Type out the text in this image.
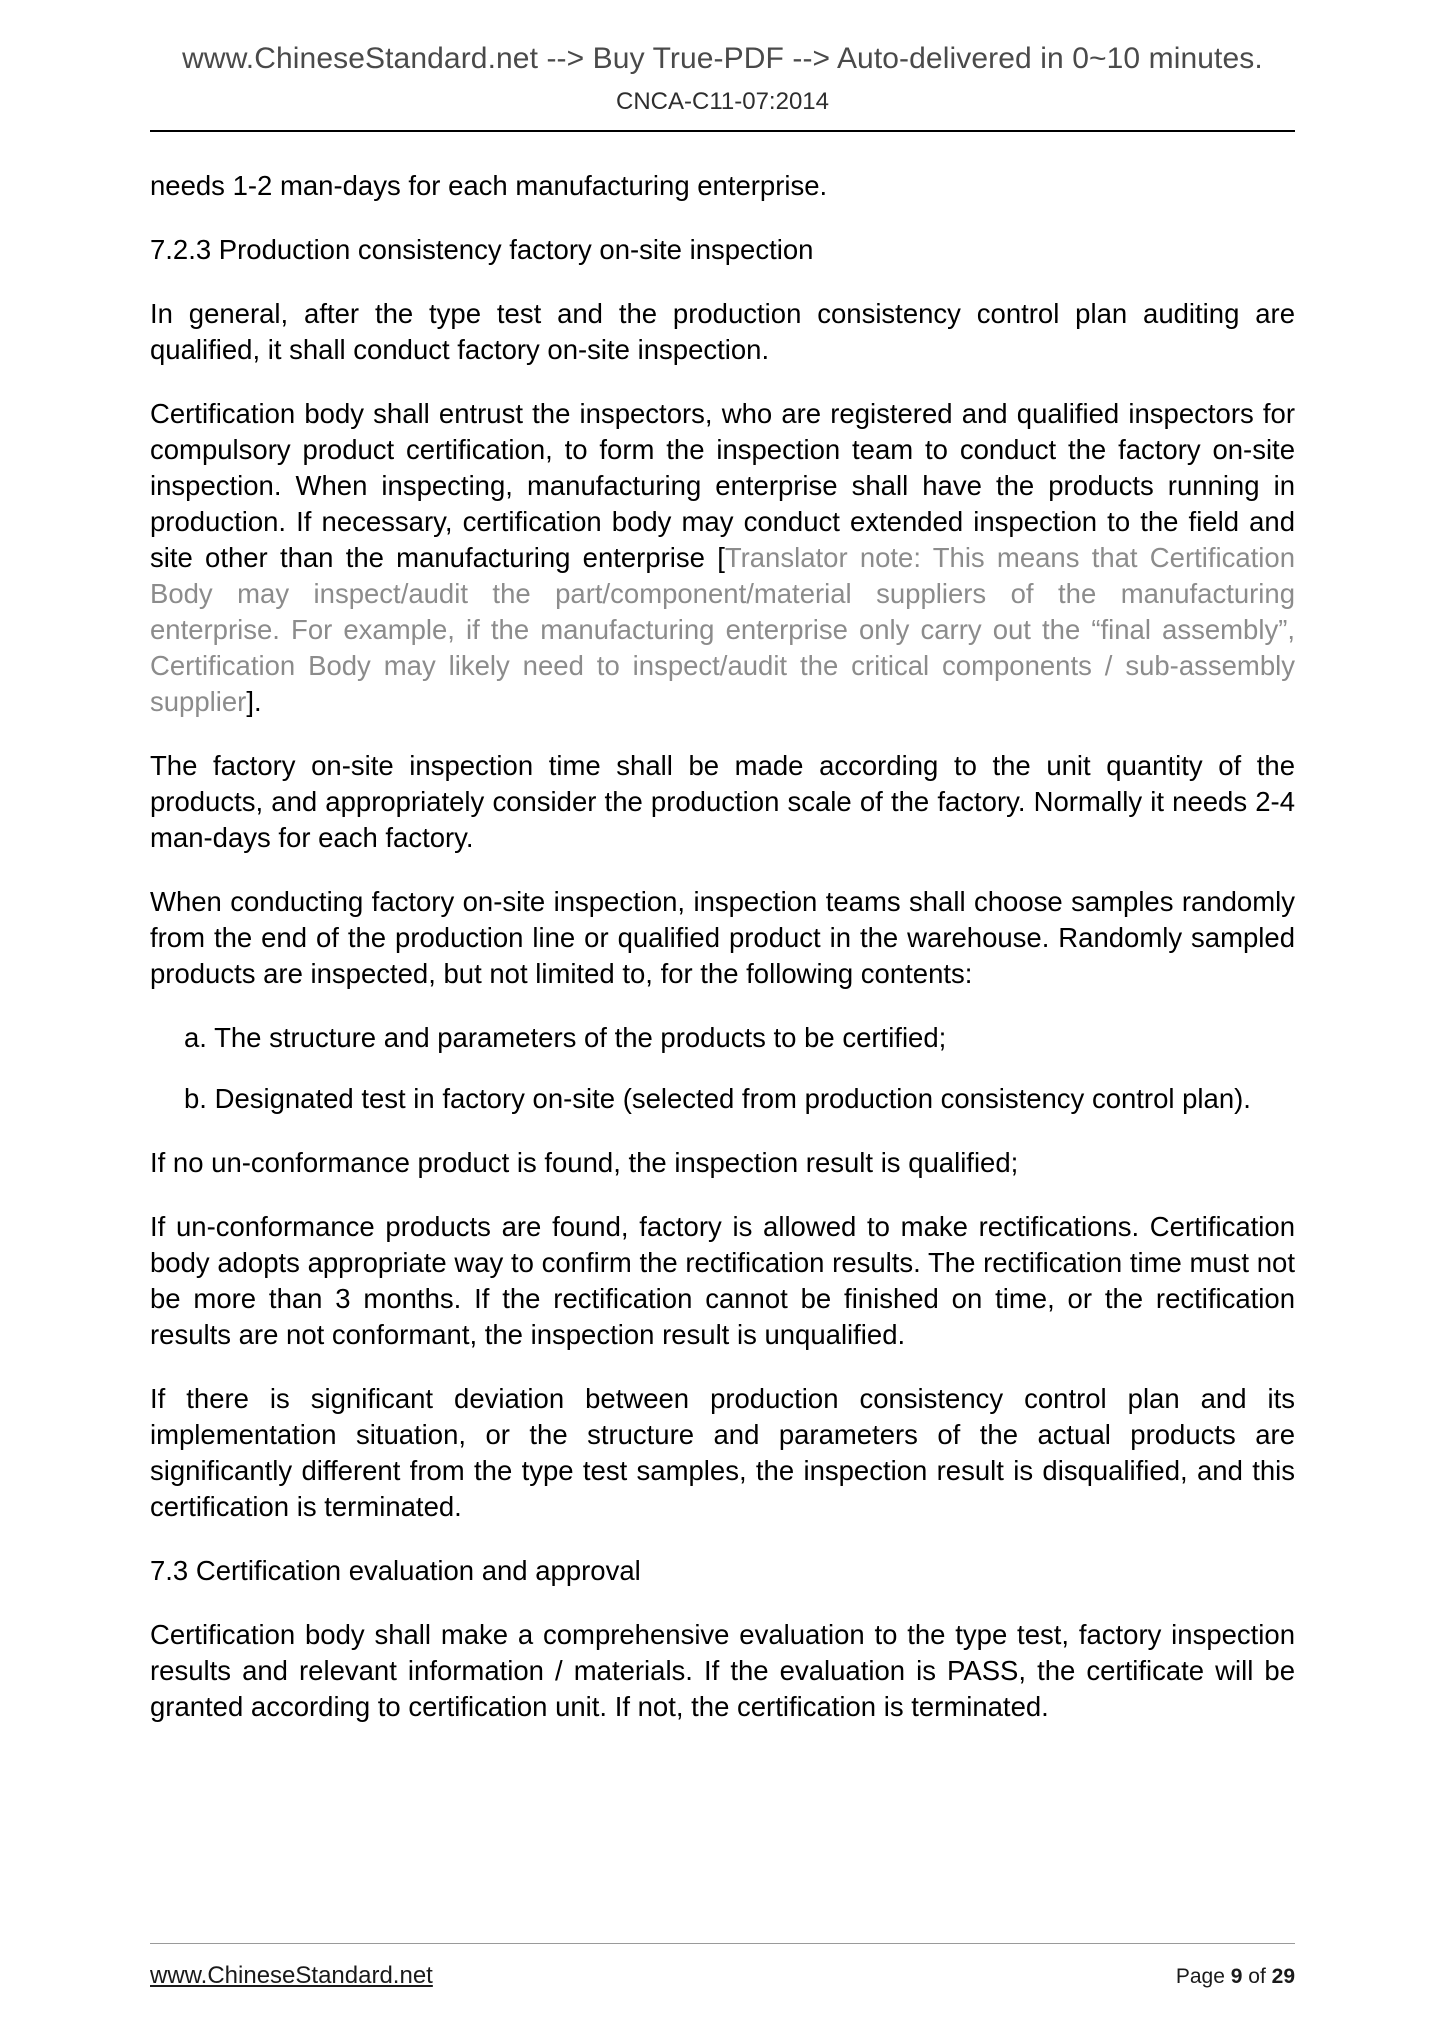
www.ChineseStandard.net --> Buy True-PDF --> Auto-delivered in 0~10 minutes.
CNCA-C11-07:2014

needs 1-2 man-days for each manufacturing enterprise.

7.2.3 Production consistency factory on-site inspection

In general, after the type test and the production consistency control plan auditing are qualified, it shall conduct factory on-site inspection.

Certification body shall entrust the inspectors, who are registered and qualified inspectors for compulsory product certification, to form the inspection team to conduct the factory on-site inspection. When inspecting, manufacturing enterprise shall have the products running in production. If necessary, certification body may conduct extended inspection to the field and site other than the manufacturing enterprise [Translator note: This means that Certification Body may inspect/audit the part/component/material suppliers of the manufacturing enterprise. For example, if the manufacturing enterprise only carry out the “final assembly”, Certification Body may likely need to inspect/audit the critical components / sub-assembly supplier].

The factory on-site inspection time shall be made according to the unit quantity of the products, and appropriately consider the production scale of the factory. Normally it needs 2-4 man-days for each factory.

When conducting factory on-site inspection, inspection teams shall choose samples randomly from the end of the production line or qualified product in the warehouse. Randomly sampled products are inspected, but not limited to, for the following contents:

a. The structure and parameters of the products to be certified;
b. Designated test in factory on-site (selected from production consistency control plan).

If no un-conformance product is found, the inspection result is qualified;

If un-conformance products are found, factory is allowed to make rectifications. Certification body adopts appropriate way to confirm the rectification results. The rectification time must not be more than 3 months. If the rectification cannot be finished on time, or the rectification results are not conformant, the inspection result is unqualified.

If there is significant deviation between production consistency control plan and its implementation situation, or the structure and parameters of the actual products are significantly different from the type test samples, the inspection result is disqualified, and this certification is terminated.

7.3 Certification evaluation and approval

Certification body shall make a comprehensive evaluation to the type test, factory inspection results and relevant information / materials. If the evaluation is PASS, the certificate will be granted according to certification unit. If not, the certification is terminated.

www.ChineseStandard.net	Page 9 of 29
